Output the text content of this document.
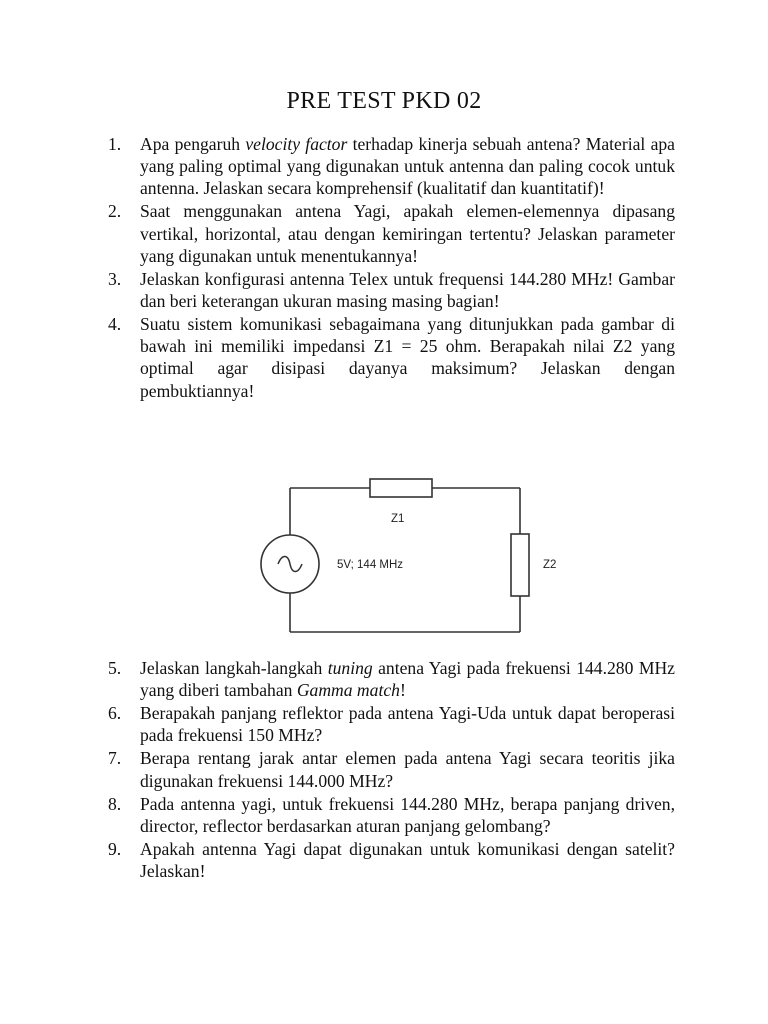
PRE TEST PKD 02
1.	Apa pengaruh velocity factor terhadap kinerja sebuah antena? Material apa yang paling optimal yang digunakan untuk antenna dan paling cocok untuk antenna. Jelaskan secara komprehensif (kualitatif dan kuantitatif)!
2.	Saat menggunakan antena Yagi, apakah elemen-elemennya dipasang vertikal, horizontal, atau dengan kemiringan tertentu? Jelaskan parameter yang digunakan untuk menentukannya!
3.	Jelaskan konfigurasi antenna Telex untuk frequensi 144.280 MHz! Gambar dan beri keterangan ukuran masing masing bagian!
4.	Suatu sistem komunikasi sebagaimana yang ditunjukkan pada gambar di bawah ini memiliki impedansi Z1 = 25 ohm. Berapakah nilai Z2 yang optimal agar disipasi dayanya maksimum? Jelaskan dengan pembuktiannya!
Z1
Z2
5V; 144 MHz
5.	Jelaskan langkah-langkah tuning antena Yagi pada frekuensi 144.280 MHz yang diberi tambahan Gamma match!
6.	Berapakah panjang reflektor pada antena Yagi-Uda untuk dapat beroperasi pada frekuensi 150 MHz?
7.	Berapa rentang jarak antar elemen pada antena Yagi secara teoritis jika digunakan frekuensi 144.000 MHz?
8.	Pada antenna yagi, untuk frekuensi 144.280 MHz, berapa panjang driven, director, reflector berdasarkan aturan panjang gelombang?
9.	Apakah antenna Yagi dapat digunakan untuk komunikasi dengan satelit? Jelaskan!
